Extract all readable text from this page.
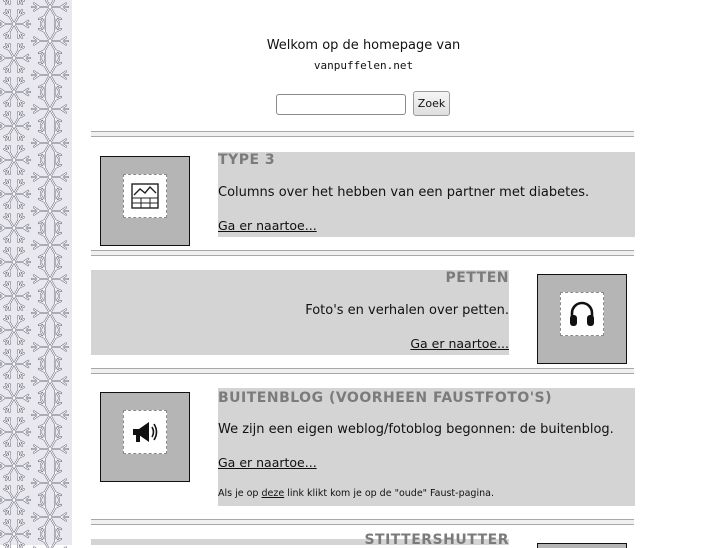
Welkom op de homepage van
vanpuffelen.net
Zoek
TYPE 3
Columns over het hebben van een partner met diabetes.
Ga er naartoe...
PETTEN
Foto's en verhalen over petten.
Ga er naartoe...
BUITENBLOG (VOORHEEN FAUSTFOTO'S)
We zijn een eigen weblog/fotoblog begonnen: de buitenblog.
Ga er naartoe...
Als je op deze link klikt kom je op de "oude" Faust-pagina.
STITTERSHUTTER
